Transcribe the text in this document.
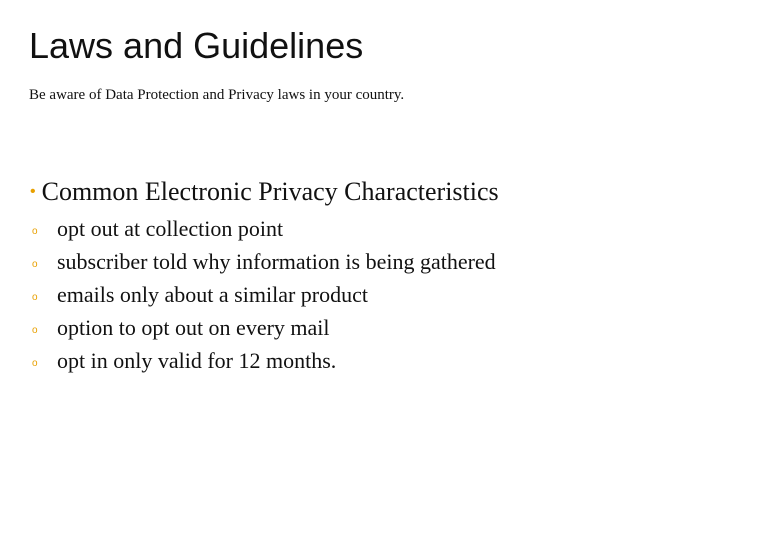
Laws and Guidelines
Be aware of Data Protection and Privacy laws in your country.
• Common Electronic Privacy Characteristics
o opt out at collection point
o subscriber told why information is being gathered
o emails only about a similar product
o option to opt out on every mail
o opt in only valid for 12 months.
